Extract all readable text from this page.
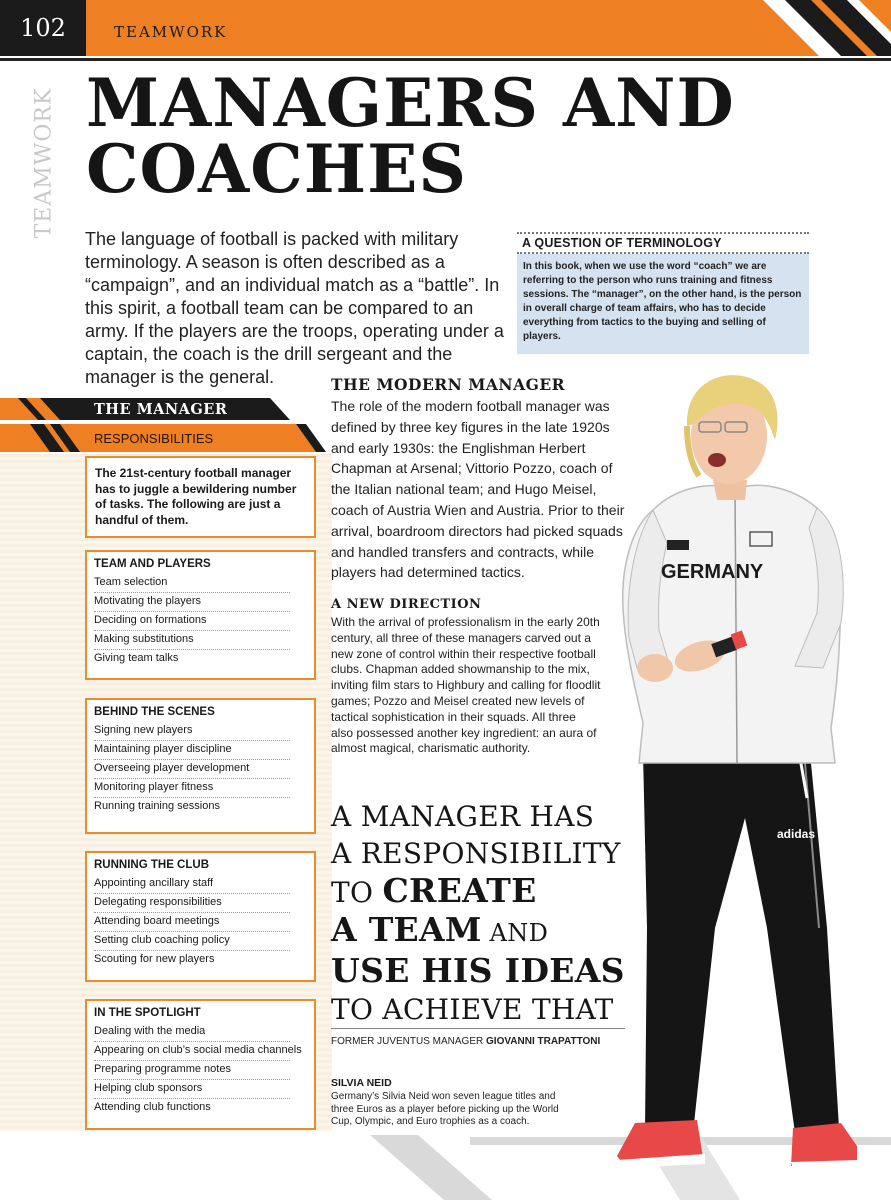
102	TEAMWORK
TEAMWORK MANAGERS AND
COACHES

The language of football is packed with military terminology. A season is often described as a “campaign”, and an individual match as a “battle”. In this spirit, a football team can be compared to an army. If the players are the troops, operating under a captain, the coach is the drill sergeant and the manager is the general.

A QUESTION OF TERMINOLOGY
In this book, when we use the word “coach” we are referring to the person who runs training and fitness sessions. The “manager”, on the other hand, is the person in overall charge of team affairs, who has to decide everything from tactics to the buying and selling of players.
THE MANAGER
RESPONSIBILITIES
The 21st-century football manager has to juggle a bewildering number of tasks. The following are just a handful of them.
TEAM AND PLAYERS
Team selection
Motivating the players
Deciding on formations
Making substitutions
Giving team talks
BEHIND THE SCENES
Signing new players
Maintaining player discipline
Overseeing player development
Monitoring player fitness
Running training sessions
RUNNING THE CLUB
Appointing ancillary staff
Delegating responsibilities
Attending board meetings
Setting club coaching policy
Scouting for new players
IN THE SPOTLIGHT
Dealing with the media
Appearing on club’s social media channels
Preparing programme notes
Helping club sponsors
Attending club functions
THE MODERN MANAGER

The role of the modern football manager was defined by three key figures in the late 1920s and early 1930s: the Englishman Herbert Chapman at Arsenal; Vittorio Pozzo, coach of the Italian national team; and Hugo Meisel, coach of Austria Wien and Austria. Prior to their arrival, boardroom directors had picked squads and handled transfers and contracts, while players had determined tactics.

A NEW DIRECTION

With the arrival of professionalism in the early 20th century, all three of these managers carved out a new zone of control within their respective football clubs. Chapman added showmanship to the mix, inviting film stars to Highbury and calling for floodlit games; Pozzo and Meisel created new levels of tactical sophistication in their squads. All three also possessed another key ingredient: an aura of almost magical, charismatic authority.

A MANAGER HAS
A RESPONSIBILITY
TO CREATE
A TEAM AND
USE HIS IDEAS
TO ACHIEVE THAT
FORMER JUVENTUS MANAGER GIOVANNI TRAPATTONI
SILVIA NEID

Germany’s Silvia Neid won seven league titles and three Euros as a player before picking up the World Cup, Olympic, and Euro trophies as a coach.

adidas
GERMANY
